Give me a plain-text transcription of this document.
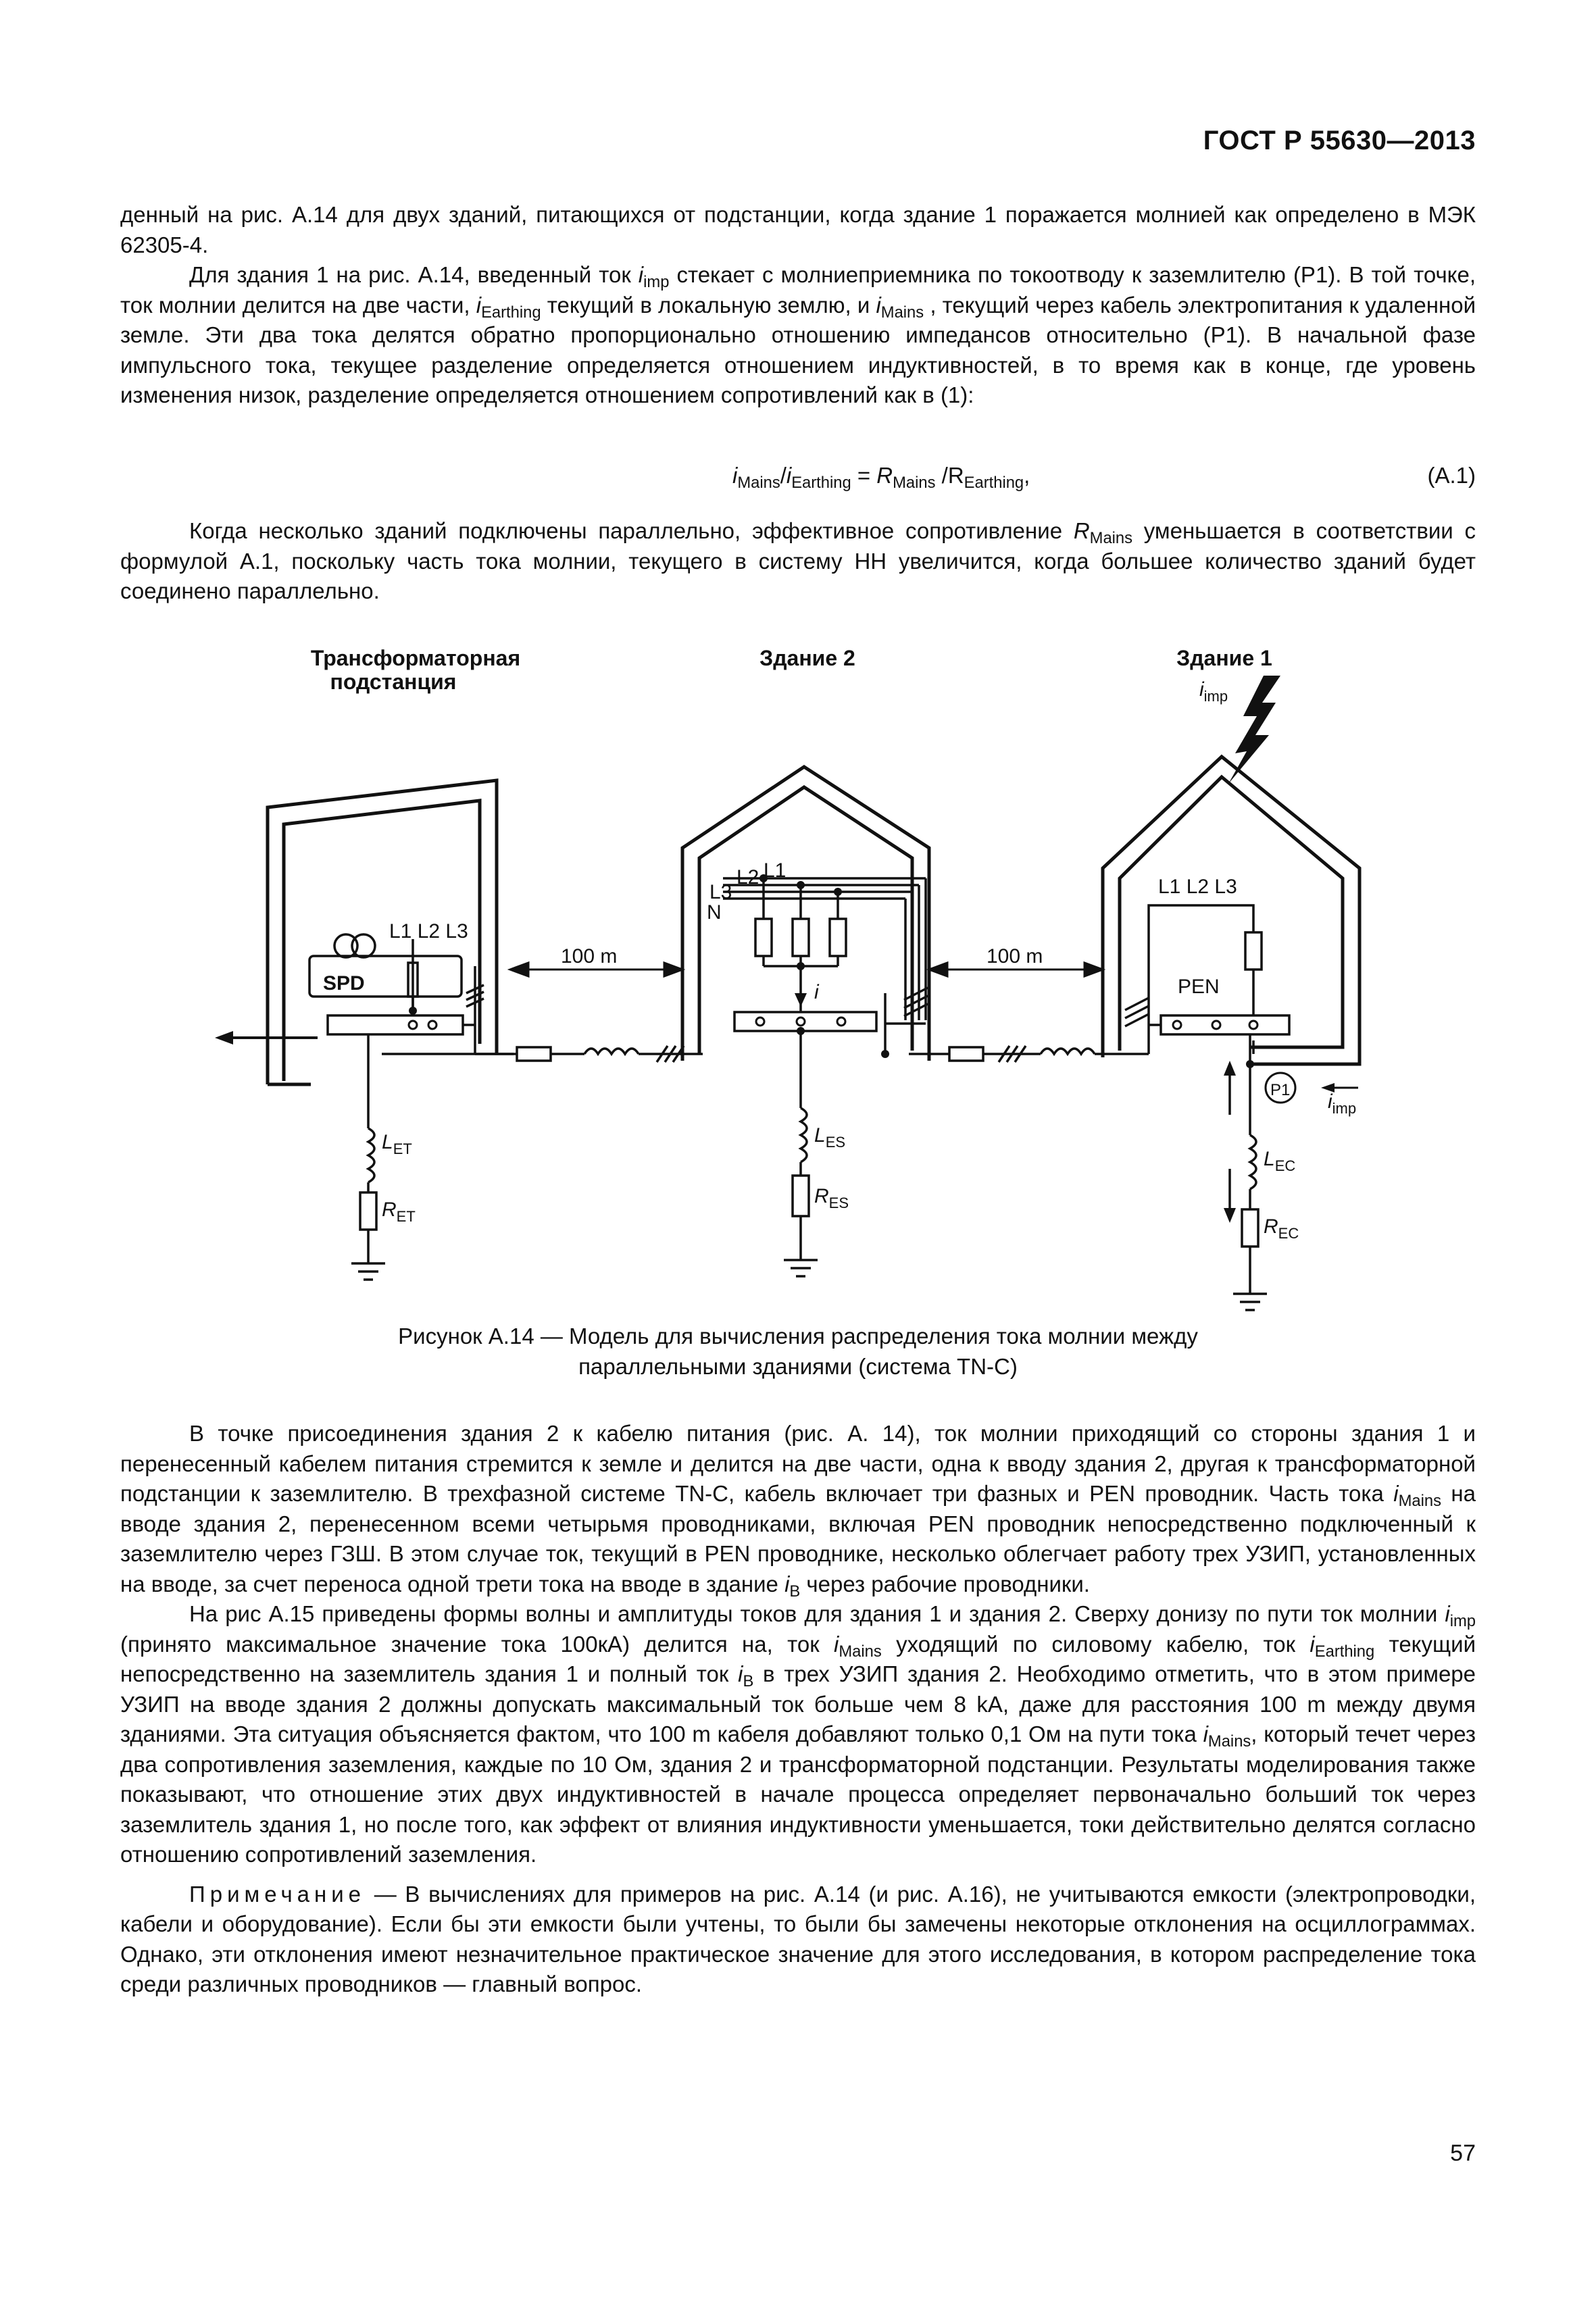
ГОСТ Р 55630—2013

денный на рис. А.14 для двух зданий, питающихся от подстанции, когда здание 1 поражается молнией как определено в МЭК 62305-4.

Для здания 1 на рис. А.14, введенный ток $i_{imp}$ стекает с молниеприемника по токоотводу к заземлителю (P1). В той точке, ток молнии делится на две части, $i_{Earthing}$ текущий в локальную землю, и $i_{Mains}$ , текущий через кабель электропитания к удаленной земле. Эти два тока делятся обратно пропорционально отношению импедансов относительно (P1). В начальной фазе импульсного тока, текущее разделение определяется отношением индуктивностей, в то время как в конце, где уровень изменения низок, разделение определяется отношением сопротивлений как в (1):

$i_{Mains}/i_{Earthing} = R_{Mains}$ $/R_{Earthing}$,	(А.1)

Когда несколько зданий подключены параллельно, эффективное сопротивление $R_{Mains}$ уменьшается в соответствии с формулой А.1, поскольку часть тока молнии, текущего в систему НН увеличится, когда большее количество зданий будет соединено параллельно.

Трансформаторная
подстанция
Здание 2	Здание 1
$i_{imp}$
L1 L2 L3
SPD
100 m	100 m
L1
L2
L3
N
i
L1 L2 L3
PEN
P1
$i_{imp}$
$L_{ET}$
$R_{ET}$
$L_{ES}$
$R_{ES}$
$L_{EC}$
$R_{EC}$

Рисунок А.14 — Модель для вычисления распределения тока молнии между

параллельными зданиями (система TN-C)

В точке присоединения здания 2 к кабелю питания (рис. А. 14), ток молнии приходящий со стороны здания 1 и перенесенный кабелем питания стремится к земле и делится на две части, одна к вводу здания 2, другая к трансформаторной подстанции к заземлителю. В трехфазной системе TN-C, кабель включает три фазных и PEN проводник. Часть тока $i_{Mains}$ на вводе здания 2, перенесенном всеми четырьмя проводниками, включая PEN проводник непосредственно подключенный к заземлителю через ГЗШ. В этом случае ток, текущий в PEN проводнике, несколько облегчает работу трех УЗИП, установленных на вводе, за счет переноса одной трети тока на вводе в здание $i_B$ через рабочие проводники.

На рис А.15 приведены формы волны и амплитуды токов для здания 1 и здания 2. Сверху донизу по пути ток молнии $i_{imp}$ (принято максимальное значение тока 100кА) делится на, ток $i_{Mains}$ уходящий по силовому кабелю, ток $i_{Earthing}$ текущий непосредственно на заземлитель здания 1 и полный ток $i_B$ в трех УЗИП здания 2. Необходимо отметить, что в этом примере УЗИП на вводе здания 2 должны допускать максимальный ток больше чем 8 kA, даже для расстояния 100 m между двумя зданиями. Эта ситуация объясняется фактом, что 100 m кабеля добавляют только 0,1 Ом на пути тока $i_{Mains}$, который течет через два сопротивления заземления, каждые по 10 Ом, здания 2 и трансформаторной подстанции. Результаты моделирования также показывают, что отношение этих двух индуктивностей в начале процесса определяет первоначально больший ток через заземлитель здания 1, но после того, как эффект от влияния индуктивности уменьшается, токи действительно делятся согласно отношению сопротивлений заземления.

Примечание — В вычислениях для примеров на рис. А.14 (и рис. А.16), не учитываются емкости (электропроводки, кабели и оборудование). Если бы эти емкости были учтены, то были бы замечены некоторые отклонения на осциллограммах. Однако, эти отклонения имеют незначительное практическое значение для этого исследования, в котором распределение тока среди различных проводников — главный вопрос.

57
